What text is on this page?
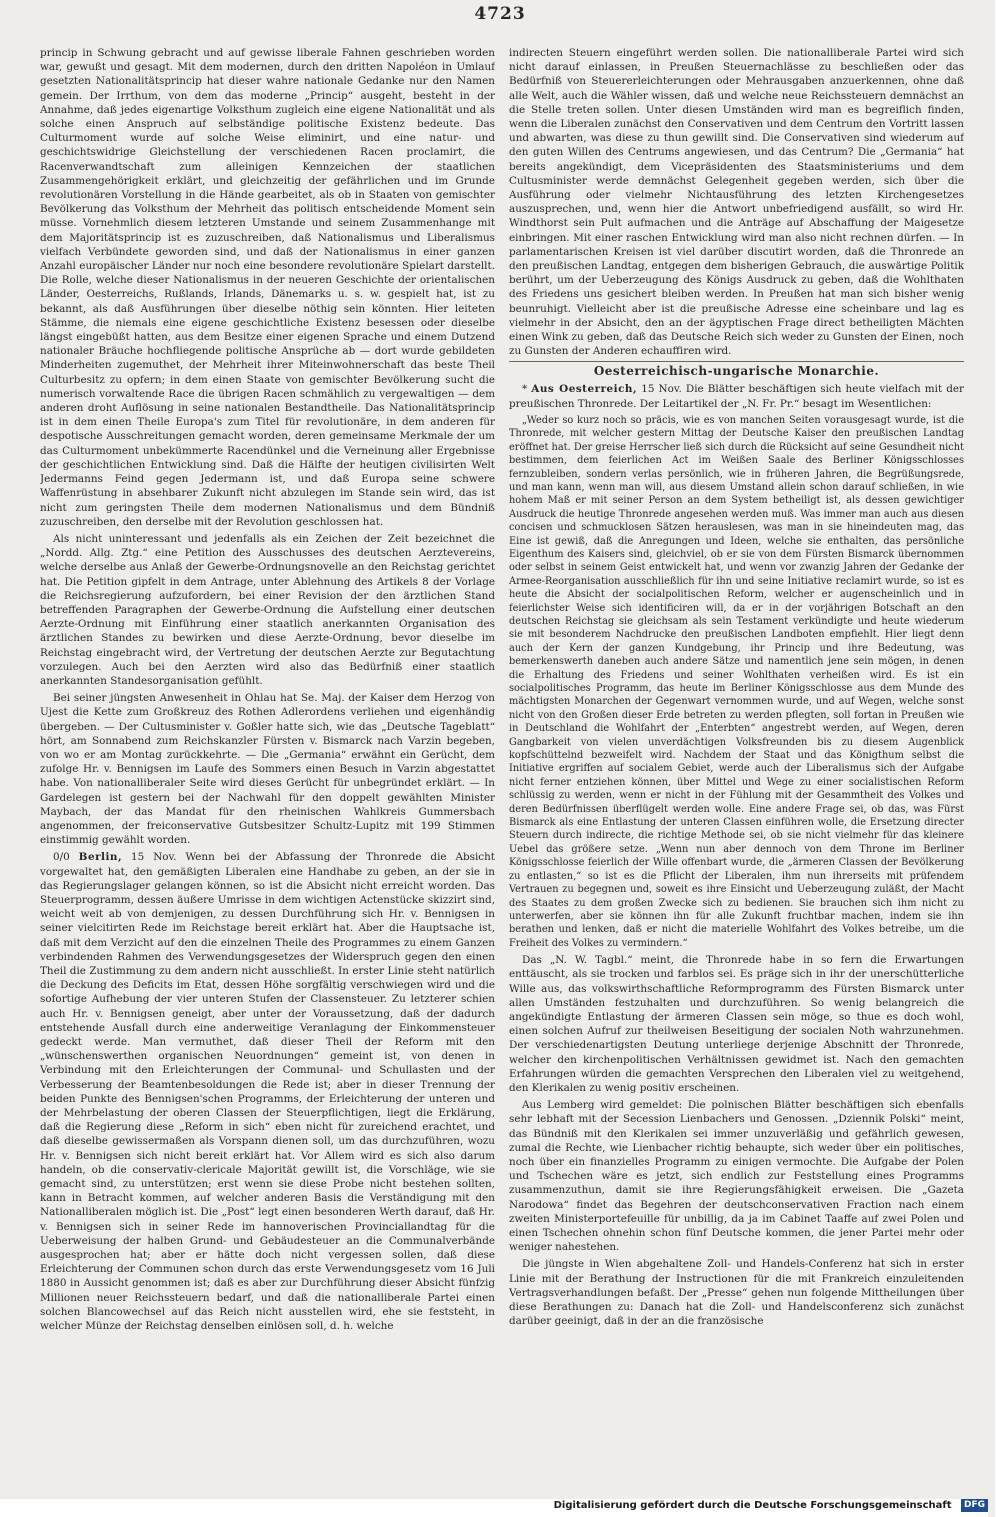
4723

princip in Schwung gebracht und auf gewisse liberale Fahnen geschrieben worden war, gewußt und gesagt. Mit dem modernen, durch den dritten Napoléon in Umlauf gesetzten Nationalitätsprincip hat dieser wahre nationale Gedanke nur den Namen gemein. Der Irrthum, von dem das moderne „Princip“ ausgeht, besteht in der Annahme, daß jedes eigenartige Volksthum zugleich eine eigene Nationalität und als solche einen Anspruch auf selbständige politische Existenz bedeute. Das Culturmoment wurde auf solche Weise eliminirt, und eine natur- und geschichtswidrige Gleichstellung der verschiedenen Racen proclamirt, die Racenverwandtschaft zum alleinigen Kennzeichen der staatlichen Zusammengehörigkeit erklärt, und gleichzeitig der gefährlichen und im Grunde revolutionären Vorstellung in die Hände gearbeitet, als ob in Staaten von gemischter Bevölkerung das Volksthum der Mehrheit das politisch entscheidende Moment sein müsse. Vornehmlich diesem letzteren Umstande und seinem Zusammenhange mit dem Majoritätsprincip ist es zuzuschreiben, daß Nationalismus und Liberalismus vielfach Verbündete geworden sind, und daß der Nationalismus in einer ganzen Anzahl europäischer Länder nur noch eine besondere revolutionäre Spielart darstellt. Die Rolle, welche dieser Nationalismus in der neueren Geschichte der orientalischen Länder, Oesterreichs, Rußlands, Irlands, Dänemarks u. s. w. gespielt hat, ist zu bekannt, als daß Ausführungen über dieselbe nöthig sein könnten. Hier leiteten Stämme, die niemals eine eigene geschichtliche Existenz besessen oder dieselbe längst eingebüßt hatten, aus dem Besitze einer eigenen Sprache und einem Dutzend nationaler Bräuche hochfliegende politische Ansprüche ab — dort wurde gebildeten Minderheiten zugemuthet, der Mehrheit ihrer Miteinwohnerschaft das beste Theil Culturbesitz zu opfern; in dem einen Staate von gemischter Bevölkerung sucht die numerisch vorwaltende Race die übrigen Racen schmählich zu vergewaltigen — dem anderen droht Auflösung in seine nationalen Bestandtheile. Das Nationalitätsprincip ist in dem einen Theile Europa's zum Titel für revolutionäre, in dem anderen für despotische Ausschreitungen gemacht worden, deren gemeinsame Merkmale der um das Culturmoment unbekümmerte Racendünkel und die Verneinung aller Ergebnisse der geschichtlichen Entwicklung sind. Daß die Hälfte der heutigen civilisirten Welt Jedermanns Feind gegen Jedermann ist, und daß Europa seine schwere Waffenrüstung in absehbarer Zukunft nicht abzulegen im Stande sein wird, das ist nicht zum geringsten Theile dem modernen Nationalismus und dem Bündniß zuzuschreiben, den derselbe mit der Revolution geschlossen hat.

Als nicht uninteressant und jedenfalls als ein Zeichen der Zeit bezeichnet die „Nordd. Allg. Ztg.“ eine Petition des Ausschusses des deutschen Aerztevereins, welche derselbe aus Anlaß der Gewerbe-Ordnungsnovelle an den Reichstag gerichtet hat. Die Petition gipfelt in dem Antrage, unter Ablehnung des Artikels 8 der Vorlage die Reichsregierung aufzufordern, bei einer Revision der den ärztlichen Stand betreffenden Paragraphen der Gewerbe-Ordnung die Aufstellung einer deutschen Aerzte-Ordnung mit Einführung einer staatlich anerkannten Organisation des ärztlichen Standes zu bewirken und diese Aerzte-Ordnung, bevor dieselbe im Reichstag eingebracht wird, der Vertretung der deutschen Aerzte zur Begutachtung vorzulegen. Auch bei den Aerzten wird also das Bedürfniß einer staatlich anerkannten Standesorganisation gefühlt.

Bei seiner jüngsten Anwesenheit in Ohlau hat Se. Maj. der Kaiser dem Herzog von Ujest die Kette zum Großkreuz des Rothen Adlerordens verliehen und eigenhändig übergeben. — Der Cultusminister v. Goßler hatte sich, wie das „Deutsche Tageblatt“ hört, am Sonnabend zum Reichskanzler Fürsten v. Bismarck nach Varzin begeben, von wo er am Montag zurückkehrte. — Die „Germania“ erwähnt ein Gerücht, dem zufolge Hr. v. Bennigsen im Laufe des Sommers einen Besuch in Varzin abgestattet habe. Von nationalliberaler Seite wird dieses Gerücht für unbegründet erklärt. — In Gardelegen ist gestern bei der Nachwahl für den doppelt gewählten Minister Maybach, der das Mandat für den rheinischen Wahlkreis Gummersbach angenommen, der freiconservative Gutsbesitzer Schultz-Lupitz mit 199 Stimmen einstimmig gewählt worden.

0/0 Berlin, 15 Nov. Wenn bei der Abfassung der Thronrede die Absicht vorgewaltet hat, den gemäßigten Liberalen eine Handhabe zu geben, an der sie in das Regierungslager gelangen können, so ist die Absicht nicht erreicht worden. Das Steuerprogramm, dessen äußere Umrisse in dem wichtigen Actenstücke skizzirt sind, weicht weit ab von demjenigen, zu dessen Durchführung sich Hr. v. Bennigsen in seiner vielcitirten Rede im Reichstage bereit erklärt hat. Aber die Hauptsache ist, daß mit dem Verzicht auf den die einzelnen Theile des Programmes zu einem Ganzen verbindenden Rahmen des Verwendungsgesetzes der Widerspruch gegen den einen Theil die Zustimmung zu dem andern nicht ausschließt. In erster Linie steht natürlich die Deckung des Deficits im Etat, dessen Höhe sorgfältig verschwiegen wird und die sofortige Aufhebung der vier unteren Stufen der Classensteuer. Zu letzterer schien auch Hr. v. Bennigsen geneigt, aber unter der Voraussetzung, daß der dadurch entstehende Ausfall durch eine anderweitige Veranlagung der Einkommensteuer gedeckt werde. Man vermuthet, daß dieser Theil der Reform mit den „wünschenswerthen organischen Neuordnungen“ gemeint ist, von denen in Verbindung mit den Erleichterungen der Communal- und Schullasten und der Verbesserung der Beamtenbesoldungen die Rede ist; aber in dieser Trennung der beiden Punkte des Bennigsen'schen Programms, der Erleichterung der unteren und der Mehrbelastung der oberen Classen der Steuerpflichtigen, liegt die Erklärung, daß die Regierung diese „Reform in sich“ eben nicht für zureichend erachtet, und daß dieselbe gewissermaßen als Vorspann dienen soll, um das durchzuführen, wozu Hr. v. Bennigsen sich nicht bereit erklärt hat. Vor Allem wird es sich also darum handeln, ob die conservativ-clericale Majorität gewillt ist, die Vorschläge, wie sie gemacht sind, zu unterstützen; erst wenn sie diese Probe nicht bestehen sollten, kann in Betracht kommen, auf welcher anderen Basis die Verständigung mit den Nationalliberalen möglich ist. Die „Post“ legt einen besonderen Werth darauf, daß Hr. v. Bennigsen sich in seiner Rede im hannoverischen Provinciallandtag für die Ueberweisung der halben Grund- und Gebäudesteuer an die Communalverbände ausgesprochen hat; aber er hätte doch nicht vergessen sollen, daß diese Erleichterung der Communen schon durch das erste Verwendungsgesetz vom 16 Juli 1880 in Aussicht genommen ist; daß es aber zur Durchführung dieser Absicht fünfzig Millionen neuer Reichssteuern bedarf, und daß die nationalliberale Partei einen solchen Blancowechsel auf das Reich nicht ausstellen wird, ehe sie feststeht, in welcher Münze der Reichstag denselben einlösen soll, d. h. welche

indirecten Steuern eingeführt werden sollen. Die nationalliberale Partei wird sich nicht darauf einlassen, in Preußen Steuernachlässe zu beschließen oder das Bedürfniß von Steuererleichterungen oder Mehrausgaben anzuerkennen, ohne daß alle Welt, auch die Wähler wissen, daß und welche neue Reichssteuern demnächst an die Stelle treten sollen. Unter diesen Umständen wird man es begreiflich finden, wenn die Liberalen zunächst den Conservativen und dem Centrum den Vortritt lassen und abwarten, was diese zu thun gewillt sind. Die Conservativen sind wiederum auf den guten Willen des Centrums angewiesen, und das Centrum? Die „Germania“ hat bereits angekündigt, dem Vicepräsidenten des Staatsministeriums und dem Cultusminister werde demnächst Gelegenheit gegeben werden, sich über die Ausführung oder vielmehr Nichtausführung des letzten Kirchengesetzes auszusprechen, und, wenn hier die Antwort unbefriedigend ausfällt, so wird Hr. Windthorst sein Pult aufmachen und die Anträge auf Abschaffung der Maigesetze einbringen. Mit einer raschen Entwicklung wird man also nicht rechnen dürfen. — In parlamentarischen Kreisen ist viel darüber discutirt worden, daß die Thronrede an den preußischen Landtag, entgegen dem bisherigen Gebrauch, die auswärtige Politik berührt, um der Ueberzeugung des Königs Ausdruck zu geben, daß die Wohlthaten des Friedens uns gesichert bleiben werden. In Preußen hat man sich bisher wenig beunruhigt. Vielleicht aber ist die preußische Adresse eine scheinbare und lag es vielmehr in der Absicht, den an der ägyptischen Frage direct betheiligten Mächten einen Wink zu geben, daß das Deutsche Reich sich weder zu Gunsten der Einen, noch zu Gunsten der Anderen echauffiren wird.

Oesterreichisch-ungarische Monarchie.

* Aus Oesterreich, 15 Nov. Die Blätter beschäftigen sich heute vielfach mit der preußischen Thronrede. Der Leitartikel der „N. Fr. Pr.“ besagt im Wesentlichen:

„Weder so kurz noch so präcis, wie es von manchen Seiten vorausgesagt wurde, ist die Thronrede, mit welcher gestern Mittag der Deutsche Kaiser den preußischen Landtag eröffnet hat. Der greise Herrscher ließ sich durch die Rücksicht auf seine Gesundheit nicht bestimmen, dem feierlichen Act im Weißen Saale des Berliner Königsschlosses fernzubleiben, sondern verlas persönlich, wie in früheren Jahren, die Begrüßungsrede, und man kann, wenn man will, aus diesem Umstand allein schon darauf schließen, in wie hohem Maß er mit seiner Person an dem System betheiligt ist, als dessen gewichtiger Ausdruck die heutige Thronrede angesehen werden muß. Was immer man auch aus diesen concisen und schmucklosen Sätzen herauslesen, was man in sie hineindeuten mag, das Eine ist gewiß, daß die Anregungen und Ideen, welche sie enthalten, das persönliche Eigenthum des Kaisers sind, gleichviel, ob er sie von dem Fürsten Bismarck übernommen oder selbst in seinem Geist entwickelt hat, und wenn vor zwanzig Jahren der Gedanke der Armee-Reorganisation ausschließlich für ihn und seine Initiative reclamirt wurde, so ist es heute die Absicht der socialpolitischen Reform, welcher er augenscheinlich und in feierlichster Weise sich identificiren will, da er in der vorjährigen Botschaft an den deutschen Reichstag sie gleichsam als sein Testament verkündigte und heute wiederum sie mit besonderem Nachdrucke den preußischen Landboten empfiehlt. Hier liegt denn auch der Kern der ganzen Kundgebung, ihr Princip und ihre Bedeutung, was bemerkenswerth daneben auch andere Sätze und namentlich jene sein mögen, in denen die Erhaltung des Friedens und seiner Wohlthaten verheißen wird. Es ist ein socialpolitisches Programm, das heute im Berliner Königsschlosse aus dem Munde des mächtigsten Monarchen der Gegenwart vernommen wurde, und auf Wegen, welche sonst nicht von den Großen dieser Erde betreten zu werden pflegten, soll fortan in Preußen wie in Deutschland die Wohlfahrt der „Enterbten“ angestrebt werden, auf Wegen, deren Gangbarkeit von vielen unverdächtigen Volksfreunden bis zu diesem Augenblick kopfschüttelnd bezweifelt wird. Nachdem der Staat und das Königthum selbst die Initiative ergriffen auf socialem Gebiet, werde auch der Liberalismus sich der Aufgabe nicht ferner entziehen können, über Mittel und Wege zu einer socialistischen Reform schlüssig zu werden, wenn er nicht in der Fühlung mit der Gesammtheit des Volkes und deren Bedürfnissen überflügelt werden wolle. Eine andere Frage sei, ob das, was Fürst Bismarck als eine Entlastung der unteren Classen einführen wolle, die Ersetzung directer Steuern durch indirecte, die richtige Methode sei, ob sie nicht vielmehr für das kleinere Uebel das größere setze. „Wenn nun aber dennoch von dem Throne im Berliner Königsschlosse feierlich der Wille offenbart wurde, die „ärmeren Classen der Bevölkerung zu entlasten,“ so ist es die Pflicht der Liberalen, ihm nun ihrerseits mit prüfendem Vertrauen zu begegnen und, soweit es ihre Einsicht und Ueberzeugung zuläßt, der Macht des Staates zu dem großen Zwecke sich zu bedienen. Sie brauchen sich ihm nicht zu unterwerfen, aber sie können ihn für alle Zukunft fruchtbar machen, indem sie ihn berathen und lenken, daß er nicht die materielle Wohlfahrt des Volkes betreibe, um die Freiheit des Volkes zu vermindern.“

Das „N. W. Tagbl.“ meint, die Thronrede habe in so fern die Erwartungen enttäuscht, als sie trocken und farblos sei. Es präge sich in ihr der unerschütterliche Wille aus, das volkswirthschaftliche Reformprogramm des Fürsten Bismarck unter allen Umständen festzuhalten und durchzuführen. So wenig belangreich die angekündigte Entlastung der ärmeren Classen sein möge, so thue es doch wohl, einen solchen Aufruf zur theilweisen Beseitigung der socialen Noth wahrzunehmen. Der verschiedenartigsten Deutung unterliege derjenige Abschnitt der Thronrede, welcher den kirchenpolitischen Verhältnissen gewidmet ist. Nach den gemachten Erfahrungen würden die gemachten Versprechen den Liberalen viel zu weitgehend, den Klerikalen zu wenig positiv erscheinen.

Aus Lemberg wird gemeldet: Die polnischen Blätter beschäftigen sich ebenfalls sehr lebhaft mit der Secession Lienbachers und Genossen. „Dziennik Polski“ meint, das Bündniß mit den Klerikalen sei immer unzuverläßig und gefährlich gewesen, zumal die Rechte, wie Lienbacher richtig behaupte, sich weder über ein politisches, noch über ein finanzielles Programm zu einigen vermochte. Die Aufgabe der Polen und Tschechen wäre es jetzt, sich endlich zur Feststellung eines Programms zusammenzuthun, damit sie ihre Regierungsfähigkeit erweisen. Die „Gazeta Narodowa“ findet das Begehren der deutschconservativen Fraction nach einem zweiten Ministerportefeuille für unbillig, da ja im Cabinet Taaffe auf zwei Polen und einen Tschechen ohnehin schon fünf Deutsche kommen, die jener Partei mehr oder weniger nahestehen.

Die jüngste in Wien abgehaltene Zoll- und Handels-Conferenz hat sich in erster Linie mit der Berathung der Instructionen für die mit Frankreich einzuleitenden Vertragsverhandlungen befaßt. Der „Presse“ gehen nun folgende Mittheilungen über diese Berathungen zu: Danach hat die Zoll- und Handelsconferenz sich zunächst darüber geeinigt, daß in der an die französische

Digitalisierung gefördert durch die Deutsche Forschungsgemeinschaft DFG
